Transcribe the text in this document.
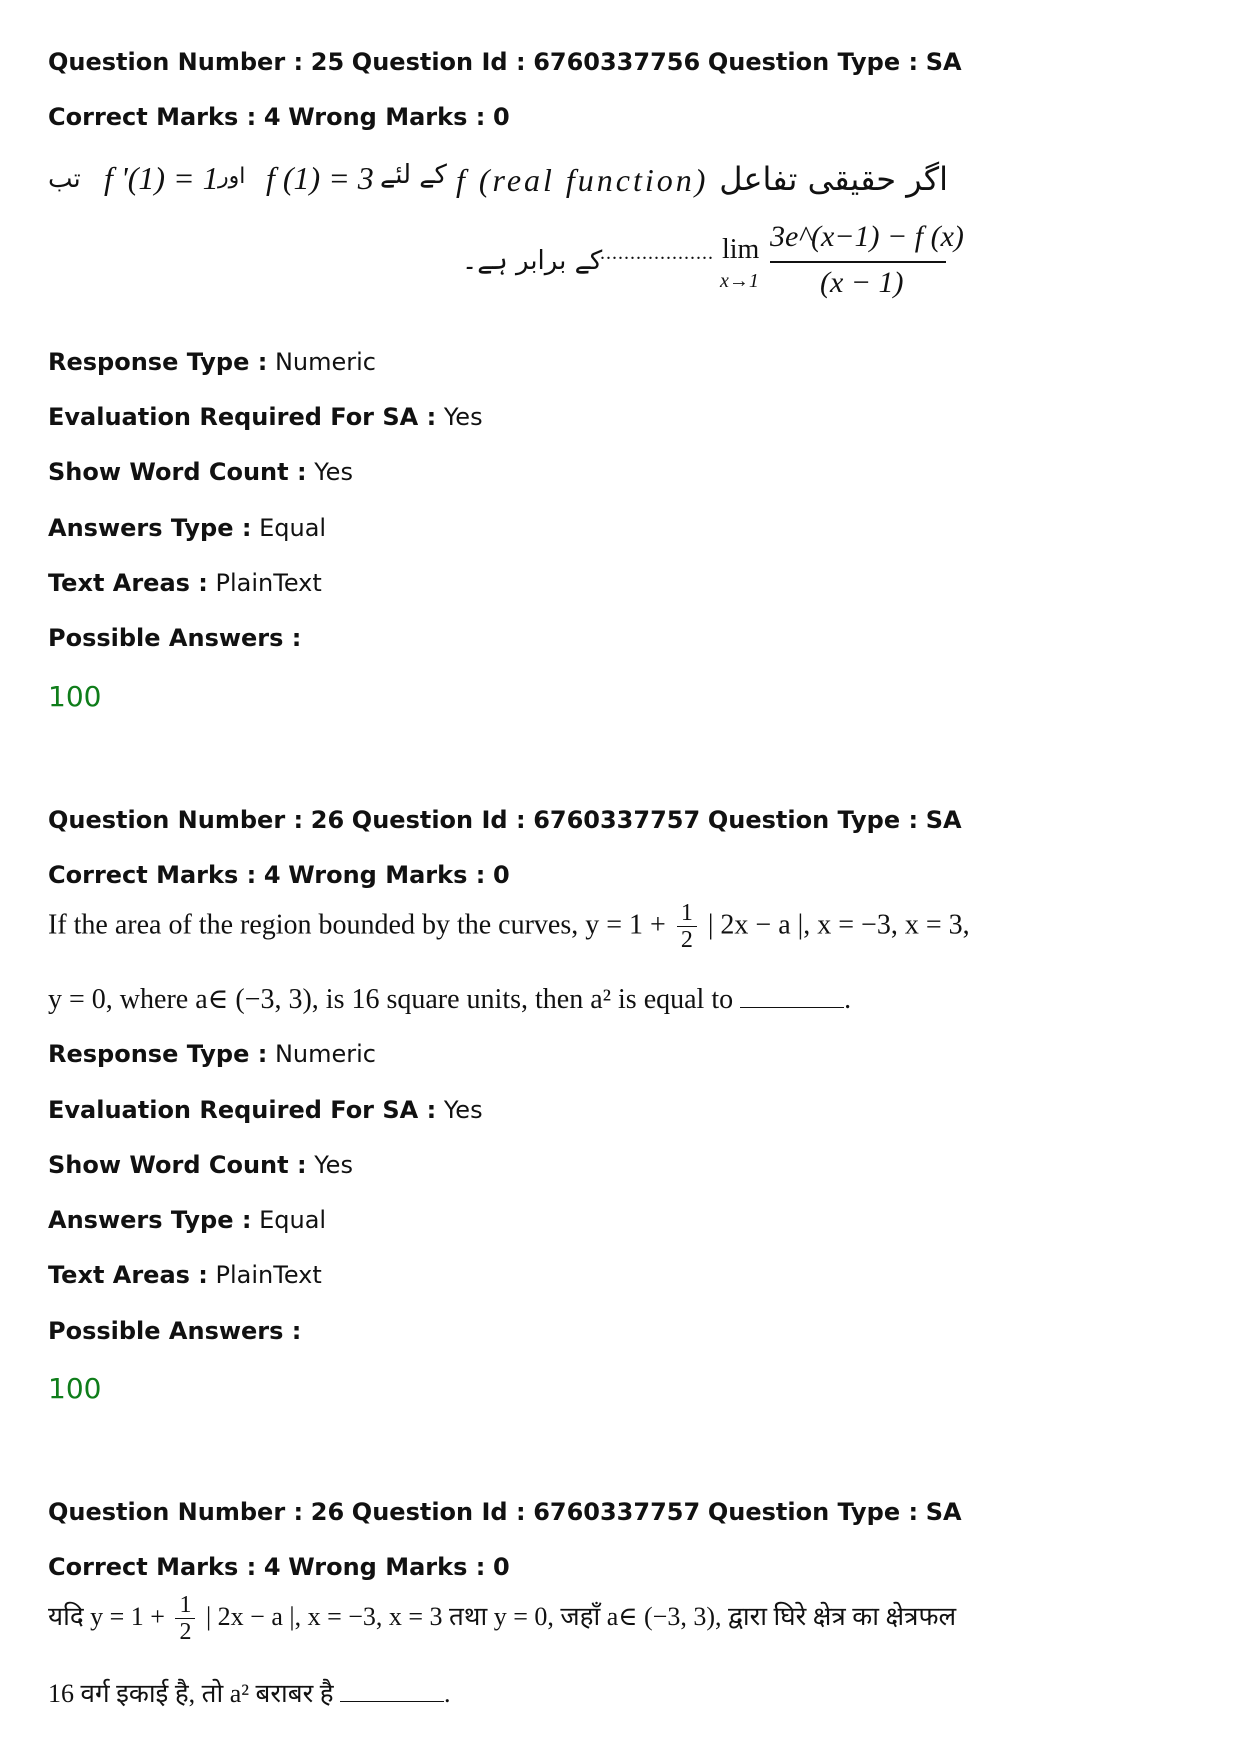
Question Number : 25 Question Id : 6760337756 Question Type : SA
Correct Marks : 4 Wrong Marks : 0
اگر حقیقی تفاعل
f (real function)
کے لئے
f (1) = 3
اور
f '(1) = 1
تب
کے برابر ہے۔
................... lim
x→1
3e^(x−1) − f (x)
(x − 1)
Response Type : Numeric
Evaluation Required For SA : Yes
Show Word Count : Yes
Answers Type : Equal
Text Areas : PlainText
Possible Answers :
100
Question Number : 26 Question Id : 6760337757 Question Type : SA
Correct Marks : 4 Wrong Marks : 0
If the area of the region bounded by the curves, $y = 1 + \frac{1}{2}$ | 2x − a |, x = −3, x = 3,
y = 0, where a∈ (−3, 3), is 16 square units, then a² is equal to	.
Response Type : Numeric
Evaluation Required For SA : Yes
Show Word Count : Yes
Answers Type : Equal
Text Areas : PlainText
Possible Answers :
100
Question Number : 26 Question Id : 6760337757 Question Type : SA
Correct Marks : 4 Wrong Marks : 0
यदि $y = 1 + \frac{1}{2}$ | 2x − a |, x = −3, x = 3 तथा y = 0, जहाँ a∈ (−3, 3), द्वारा घिरे क्षेत्र का क्षेत्रफल
16 वर्ग इकाई है, तो a² बराबर है	.
